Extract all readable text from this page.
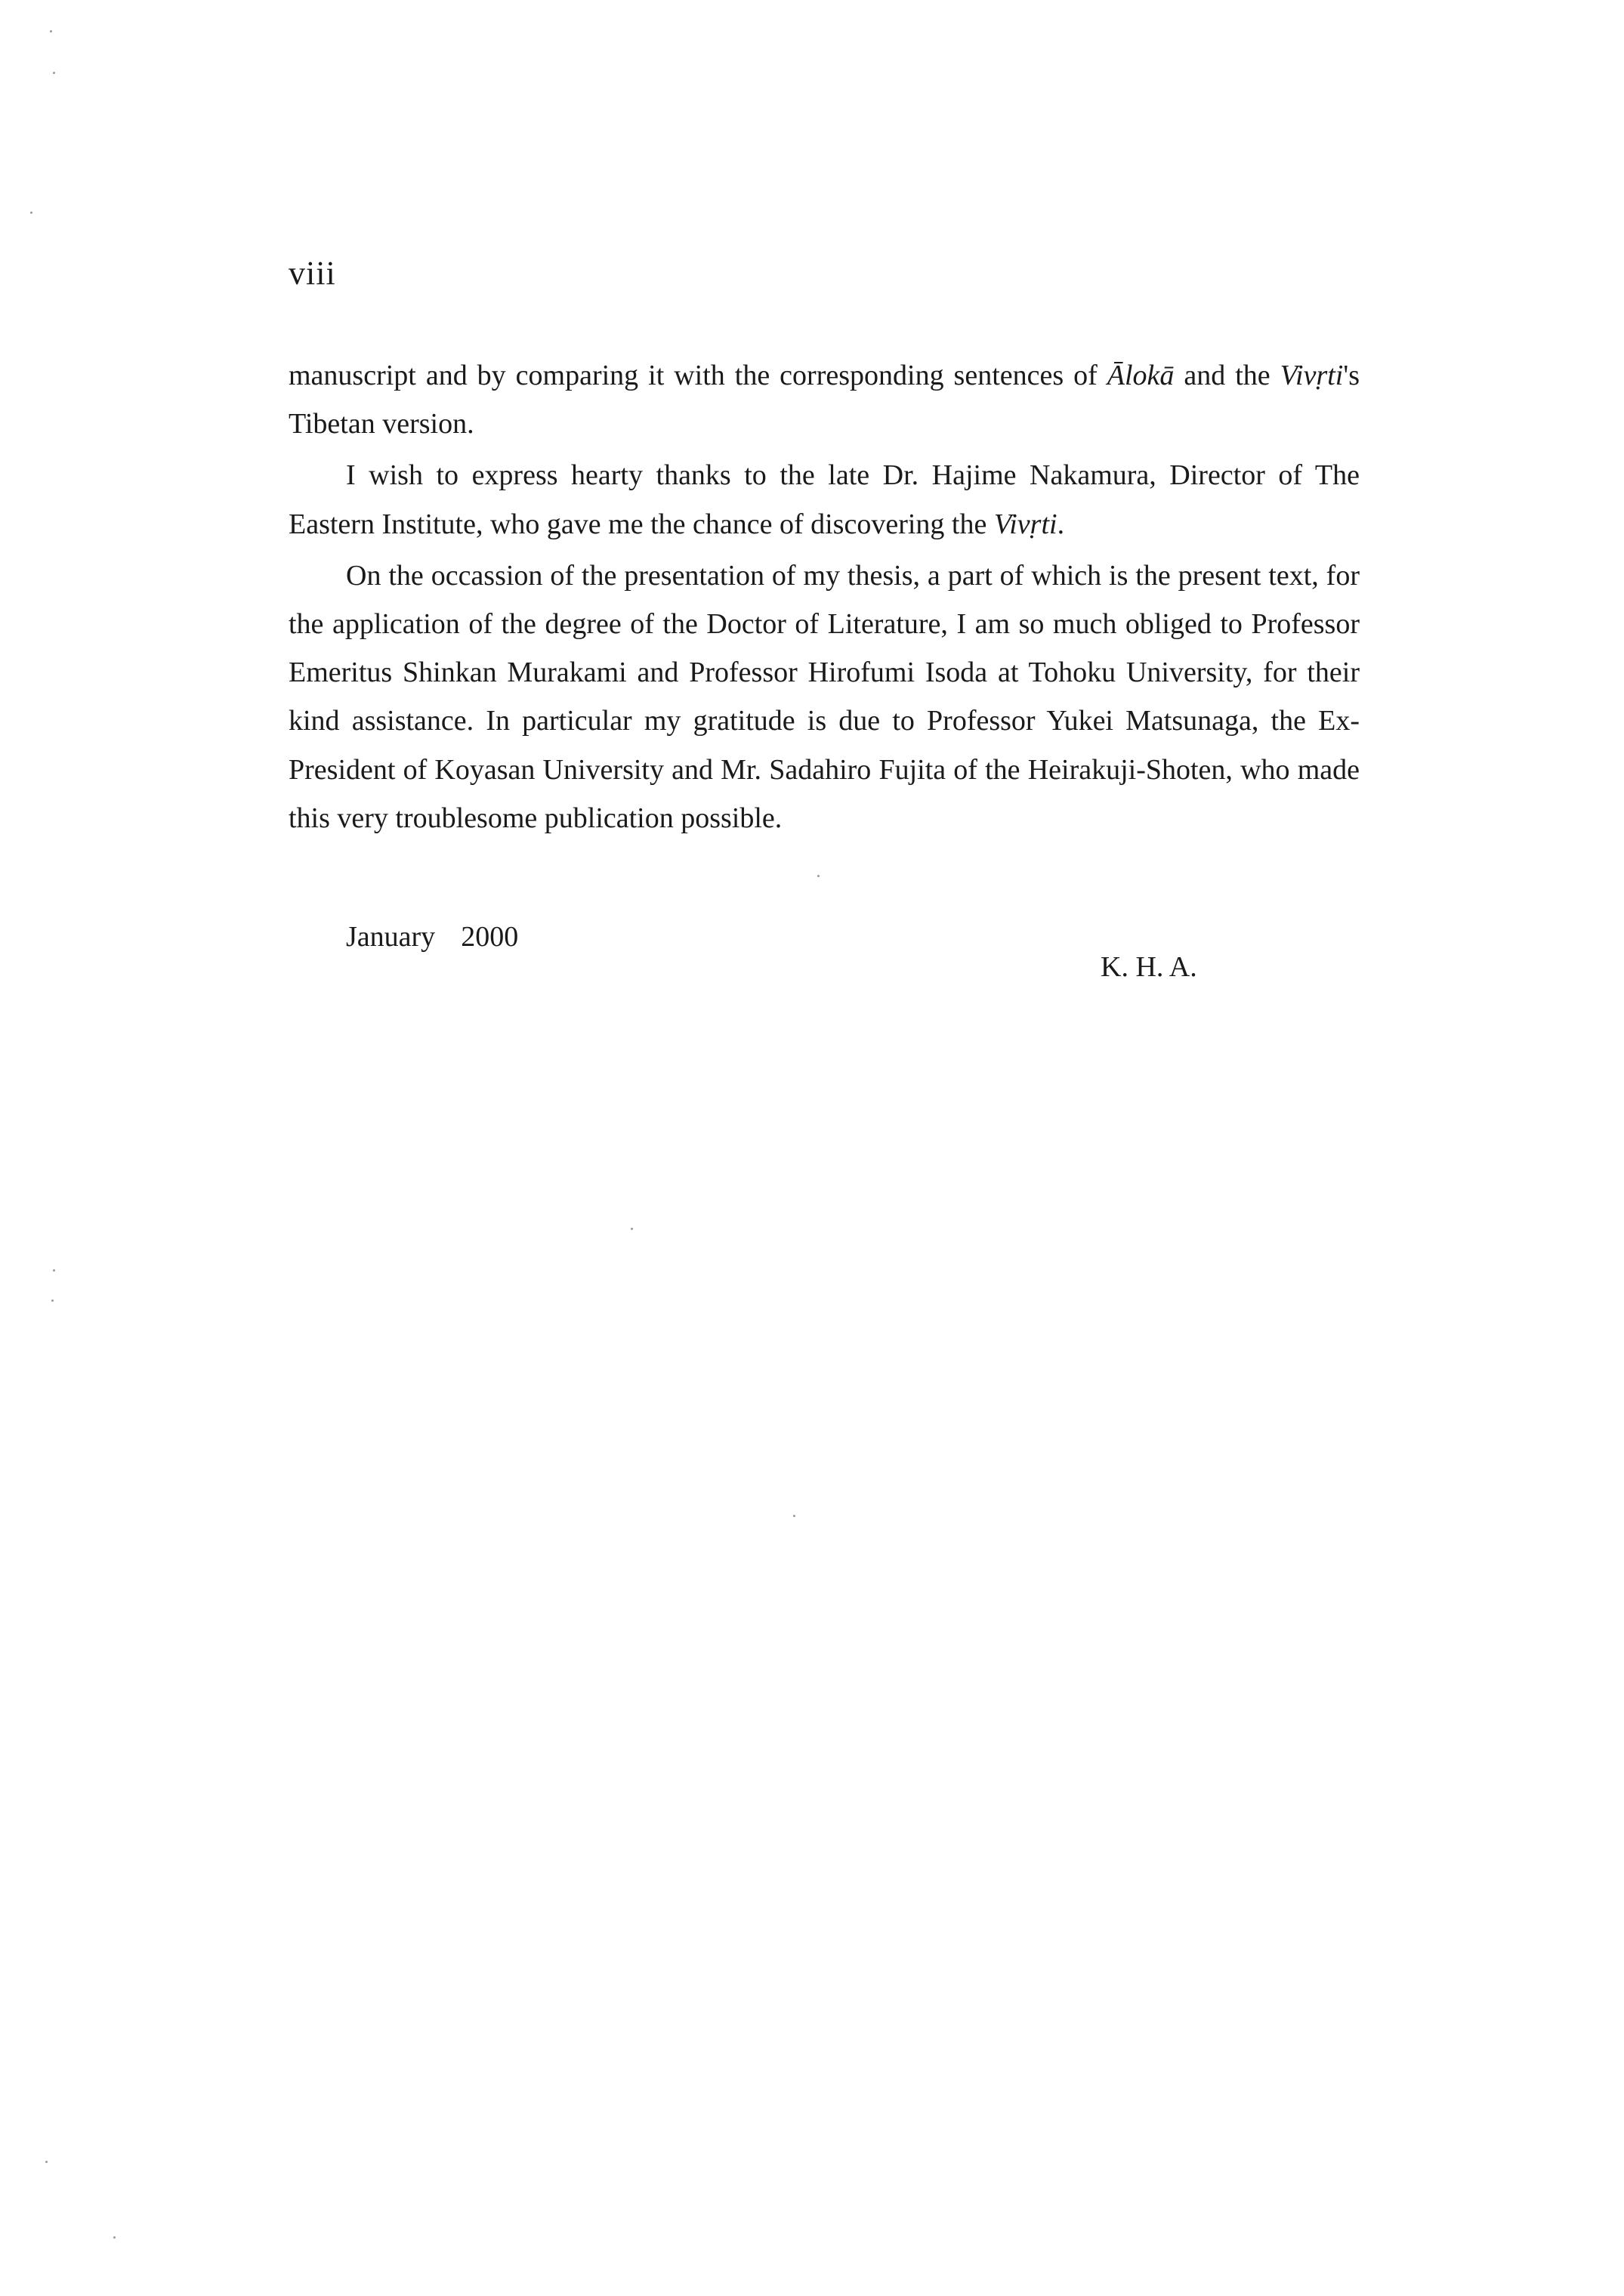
viii

manuscript and by comparing it with the corresponding sentences of Ālokā and the Vivṛti's Tibetan version.

I wish to express hearty thanks to the late Dr. Hajime Nakamura, Director of The Eastern Institute, who gave me the chance of discovering the Vivṛti.

On the occassion of the presentation of my thesis, a part of which is the present text, for the application of the degree of the Doctor of Literature, I am so much obliged to Professor Emeritus Shinkan Murakami and Professor Hirofumi Isoda at Tohoku University, for their kind assistance. In particular my gratitude is due to Professor Yukei Matsunaga, the Ex-President of Koyasan University and Mr. Sadahiro Fujita of the Heirakuji-Shoten, who made this very troublesome publication possible.

January 2000
K. H. A.
